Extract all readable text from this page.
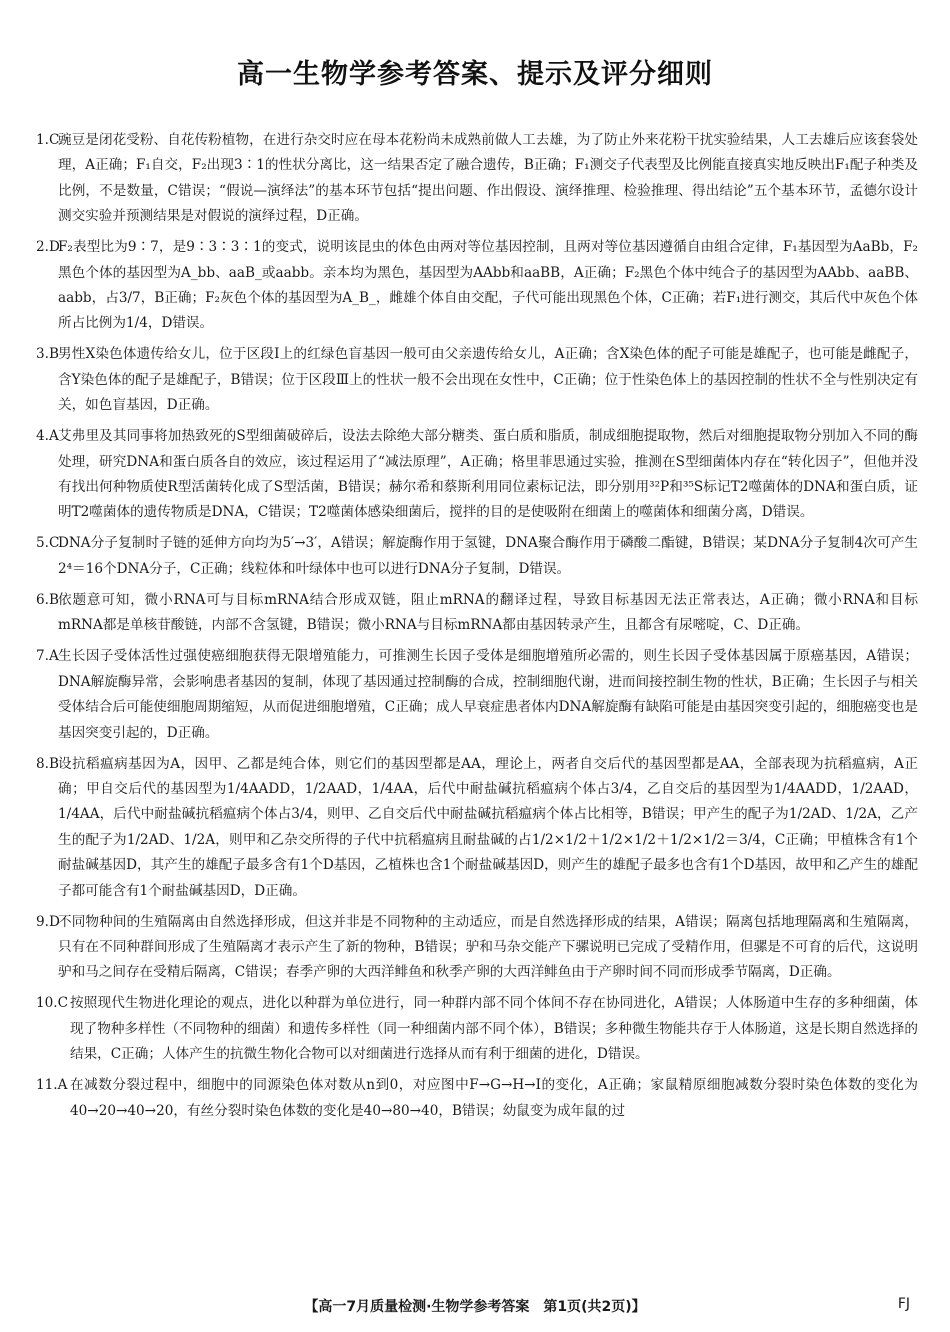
高一生物学参考答案、提示及评分细则
1.C
豌豆是闭花受粉、自花传粉植物，在进行杂交时应在母本花粉尚未成熟前做人工去雄，为了防止外来花粉干扰实验结果，人工去雄后应该套袋处理，A正确；F₁自交，F₂出现3∶1的性状分离比，这一结果否定了融合遗传，B正确；F₁测交子代表型及比例能直接真实地反映出F₁配子种类及比例，不是数量，C错误；“假说—演绎法”的基本环节包括“提出问题、作出假设、演绎推理、检验推理、得出结论”五个基本环节，孟德尔设计测交实验并预测结果是对假说的演绎过程，D正确。
2.D
F₂表型比为9∶7，是9∶3∶3∶1的变式，说明该昆虫的体色由两对等位基因控制，且两对等位基因遵循自由组合定律，F₁基因型为AaBb，F₂黑色个体的基因型为A_bb、aaB_或aabb。亲本均为黑色，基因型为AAbb和aaBB，A正确；F₂黑色个体中纯合子的基因型为AAbb、aaBB、aabb，占3/7，B正确；F₂灰色个体的基因型为A_B_，雌雄个体自由交配，子代可能出现黑色个体，C正确；若F₁进行测交，其后代中灰色个体所占比例为1/4，D错误。
3.B 男性X染色体遗传给女儿，位于区段Ⅰ上的红绿色盲基因一般可由父亲遗传给女儿，A正确；含X染色体的配子可能是雄配子，也可能是雌配子，含Y染色体的配子是雄配子，B错误；位于区段Ⅲ上的性状一般不会出现在女性中，C正确；位于性染色体上的基因控制的性状不全与性别决定有关，如色盲基因，D正确。
4.A 艾弗里及其同事将加热致死的S型细菌破碎后，设法去除绝大部分糖类、蛋白质和脂质，制成细胞提取物，然后对细胞提取物分别加入不同的酶处理，研究DNA和蛋白质各自的效应，该过程运用了“减法原理”，A正确；格里菲思通过实验，推测在S型细菌体内存在“转化因子”，但他并没有找出何种物质使R型活菌转化成了S型活菌，B错误；赫尔希和蔡斯利用同位素标记法，即分别用³²P和³⁵S标记T2噬菌体的DNA和蛋白质，证明T2噬菌体的遗传物质是DNA，C错误；T2噬菌体感染细菌后，搅拌的目的是使吸附在细菌上的噬菌体和细菌分离，D错误。
5.C
DNA分子复制时子链的延伸方向均为5′→3′，A错误；解旋酶作用于氢键，DNA聚合酶作用于磷酸二酯键，B错误；某DNA分子复制4次可产生2⁴＝16个DNA分子，C正确；线粒体和叶绿体中也可以进行DNA分子复制，D错误。
6.B 依题意可知，微小RNA可与目标mRNA结合形成双链，阻止mRNA的翻译过程，导致目标基因无法正常表达，A正确；微小RNA和目标mRNA都是单核苷酸链，内部不含氢键，B错误；微小RNA与目标mRNA都由基因转录产生，且都含有尿嘧啶，C、D正确。
7.A 生长因子受体活性过强使癌细胞获得无限增殖能力，可推测生长因子受体是细胞增殖所必需的，则生长因子受体基因属于原癌基因，A错误；DNA解旋酶异常，会影响患者基因的复制，体现了基因通过控制酶的合成，控制细胞代谢，进而间接控制生物的性状，B正确；生长因子与相关受体结合后可能使细胞周期缩短，从而促进细胞增殖，C正确；成人早衰症患者体内DNA解旋酶有缺陷可能是由基因突变引起的，细胞癌变也是基因突变引起的，D正确。
8.B 设抗稻瘟病基因为A，因甲、乙都是纯合体，则它们的基因型都是AA，理论上，两者自交后代的基因型都是AA，全部表现为抗稻瘟病，A正确；甲自交后代的基因型为1/4AADD，1/2AAD，1/4AA，后代中耐盐碱抗稻瘟病个体占3/4，乙自交后的基因型为1/4AADD，1/2AAD，1/4AA，后代中耐盐碱抗稻瘟病个体占3/4，则甲、乙自交后代中耐盐碱抗稻瘟病个体占比相等，B错误；甲产生的配子为1/2AD、1/2A，乙产生的配子为1/2AD、1/2A，则甲和乙杂交所得的子代中抗稻瘟病且耐盐碱的占1/2×1/2＋1/2×1/2＋1/2×1/2＝3/4，C正确；甲植株含有1个耐盐碱基因D，其产生的雄配子最多含有1个D基因，乙植株也含1个耐盐碱基因D，则产生的雄配子最多也含有1个D基因，故甲和乙产生的雄配子都可能含有1个耐盐碱基因D，D正确。
9.D
不同物种间的生殖隔离由自然选择形成，但这并非是不同物种的主动适应，而是自然选择形成的结果，A错误；隔离包括地理隔离和生殖隔离，只有在不同种群间形成了生殖隔离才表示产生了新的物种，B错误；驴和马杂交能产下骡说明已完成了受精作用，但骡是不可育的后代，这说明驴和马之间存在受精后隔离，C错误；春季产卵的大西洋鲱鱼和秋季产卵的大西洋鲱鱼由于产卵时间不同而形成季节隔离，D正确。
10.C 按照现代生物进化理论的观点，进化以种群为单位进行，同一种群内部不同个体间不存在协同进化，A错误；人体肠道中生存的多种细菌，体现了物种多样性（不同物种的细菌）和遗传多样性（同一种细菌内部不同个体），B错误；多种微生物能共存于人体肠道，这是长期自然选择的结果，C正确；人体产生的抗微生物化合物可以对细菌进行选择从而有利于细菌的进化，D错误。
11.A 在减数分裂过程中，细胞中的同源染色体对数从n到0，对应图中F→G→H→I的变化，A正确；家鼠精原细胞减数分裂时染色体数的变化为40→20→40→20，有丝分裂时染色体数的变化是40→80→40，B错误；幼鼠变为成年鼠的过
【高一7月质量检测·生物学参考答案　第1页(共2页)】	FJ
